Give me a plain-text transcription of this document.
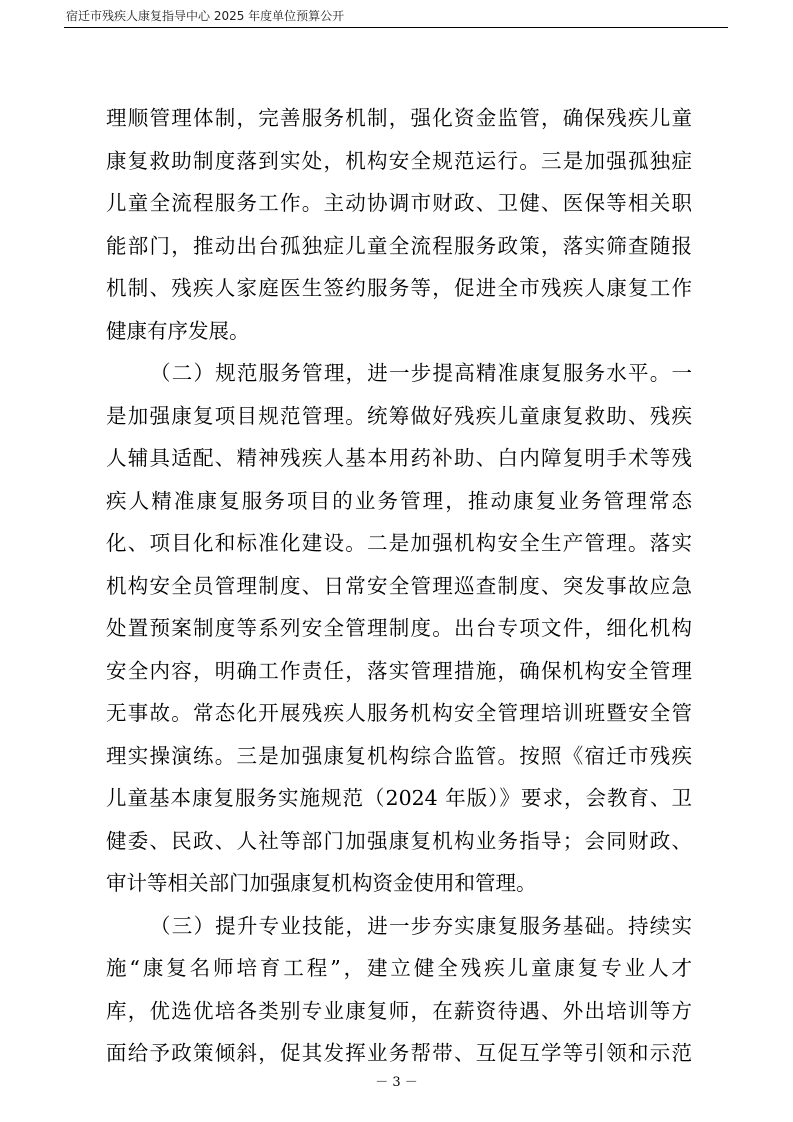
宿迁市残疾人康复指导中心 2025 年度单位预算公开
理顺管理体制，完善服务机制，强化资金监管，确保残疾儿童
康复救助制度落到实处，机构安全规范运行。三是加强孤独症
儿童全流程服务工作。主动协调市财政、卫健、医保等相关职
能部门，推动出台孤独症儿童全流程服务政策，落实筛查随报
机制、残疾人家庭医生签约服务等，促进全市残疾人康复工作
健康有序发展。
（二）规范服务管理，进一步提高精准康复服务水平。一
是加强康复项目规范管理。统筹做好残疾儿童康复救助、残疾
人辅具适配、精神残疾人基本用药补助、白内障复明手术等残
疾人精准康复服务项目的业务管理，推动康复业务管理常态
化、项目化和标准化建设。二是加强机构安全生产管理。落实
机构安全员管理制度、日常安全管理巡查制度、突发事故应急
处置预案制度等系列安全管理制度。出台专项文件，细化机构
安全内容，明确工作责任，落实管理措施，确保机构安全管理
无事故。常态化开展残疾人服务机构安全管理培训班暨安全管
理实操演练。三是加强康复机构综合监管。按照《宿迁市残疾
儿童基本康复服务实施规范（2024 年版）》要求，会教育、卫
健委、民政、人社等部门加强康复机构业务指导；会同财政、
审计等相关部门加强康复机构资金使用和管理。
（三）提升专业技能，进一步夯实康复服务基础。持续实
施“康复名师培育工程”，建立健全残疾儿童康复专业人才
库，优选优培各类别专业康复师，在薪资待遇、外出培训等方
面给予政策倾斜，促其发挥业务帮带、互促互学等引领和示范
－ 3 －
